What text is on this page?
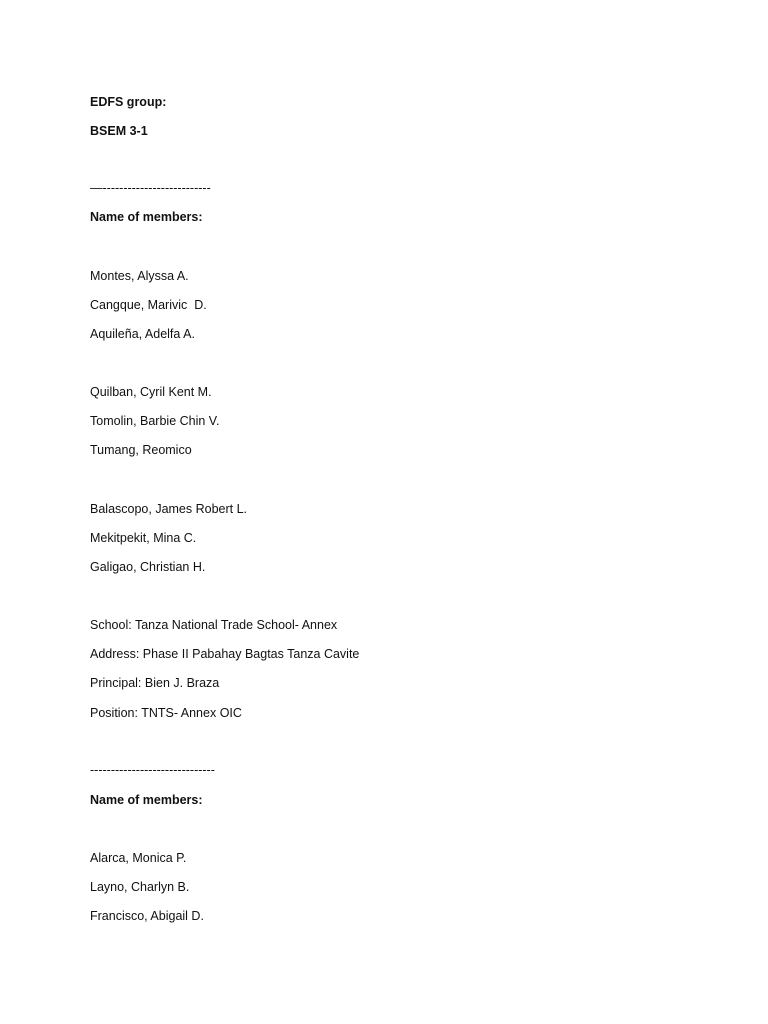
EDFS group:
BSEM 3-1
—--------------------------
Name of members:
Montes, Alyssa A.
Cangque, Marivic  D.
Aquileña, Adelfa A.
Quilban, Cyril Kent M.
Tomolin, Barbie Chin V.
Tumang, Reomico
Balascopo, James Robert L.
Mekitpekit, Mina C.
Galigao, Christian H.
School: Tanza National Trade School- Annex
Address: Phase II Pabahay Bagtas Tanza Cavite
Principal: Bien J. Braza
Position: TNTS- Annex OIC
------------------------------
Name of members:
Alarca, Monica P.
Layno, Charlyn B.
Francisco, Abigail D.
